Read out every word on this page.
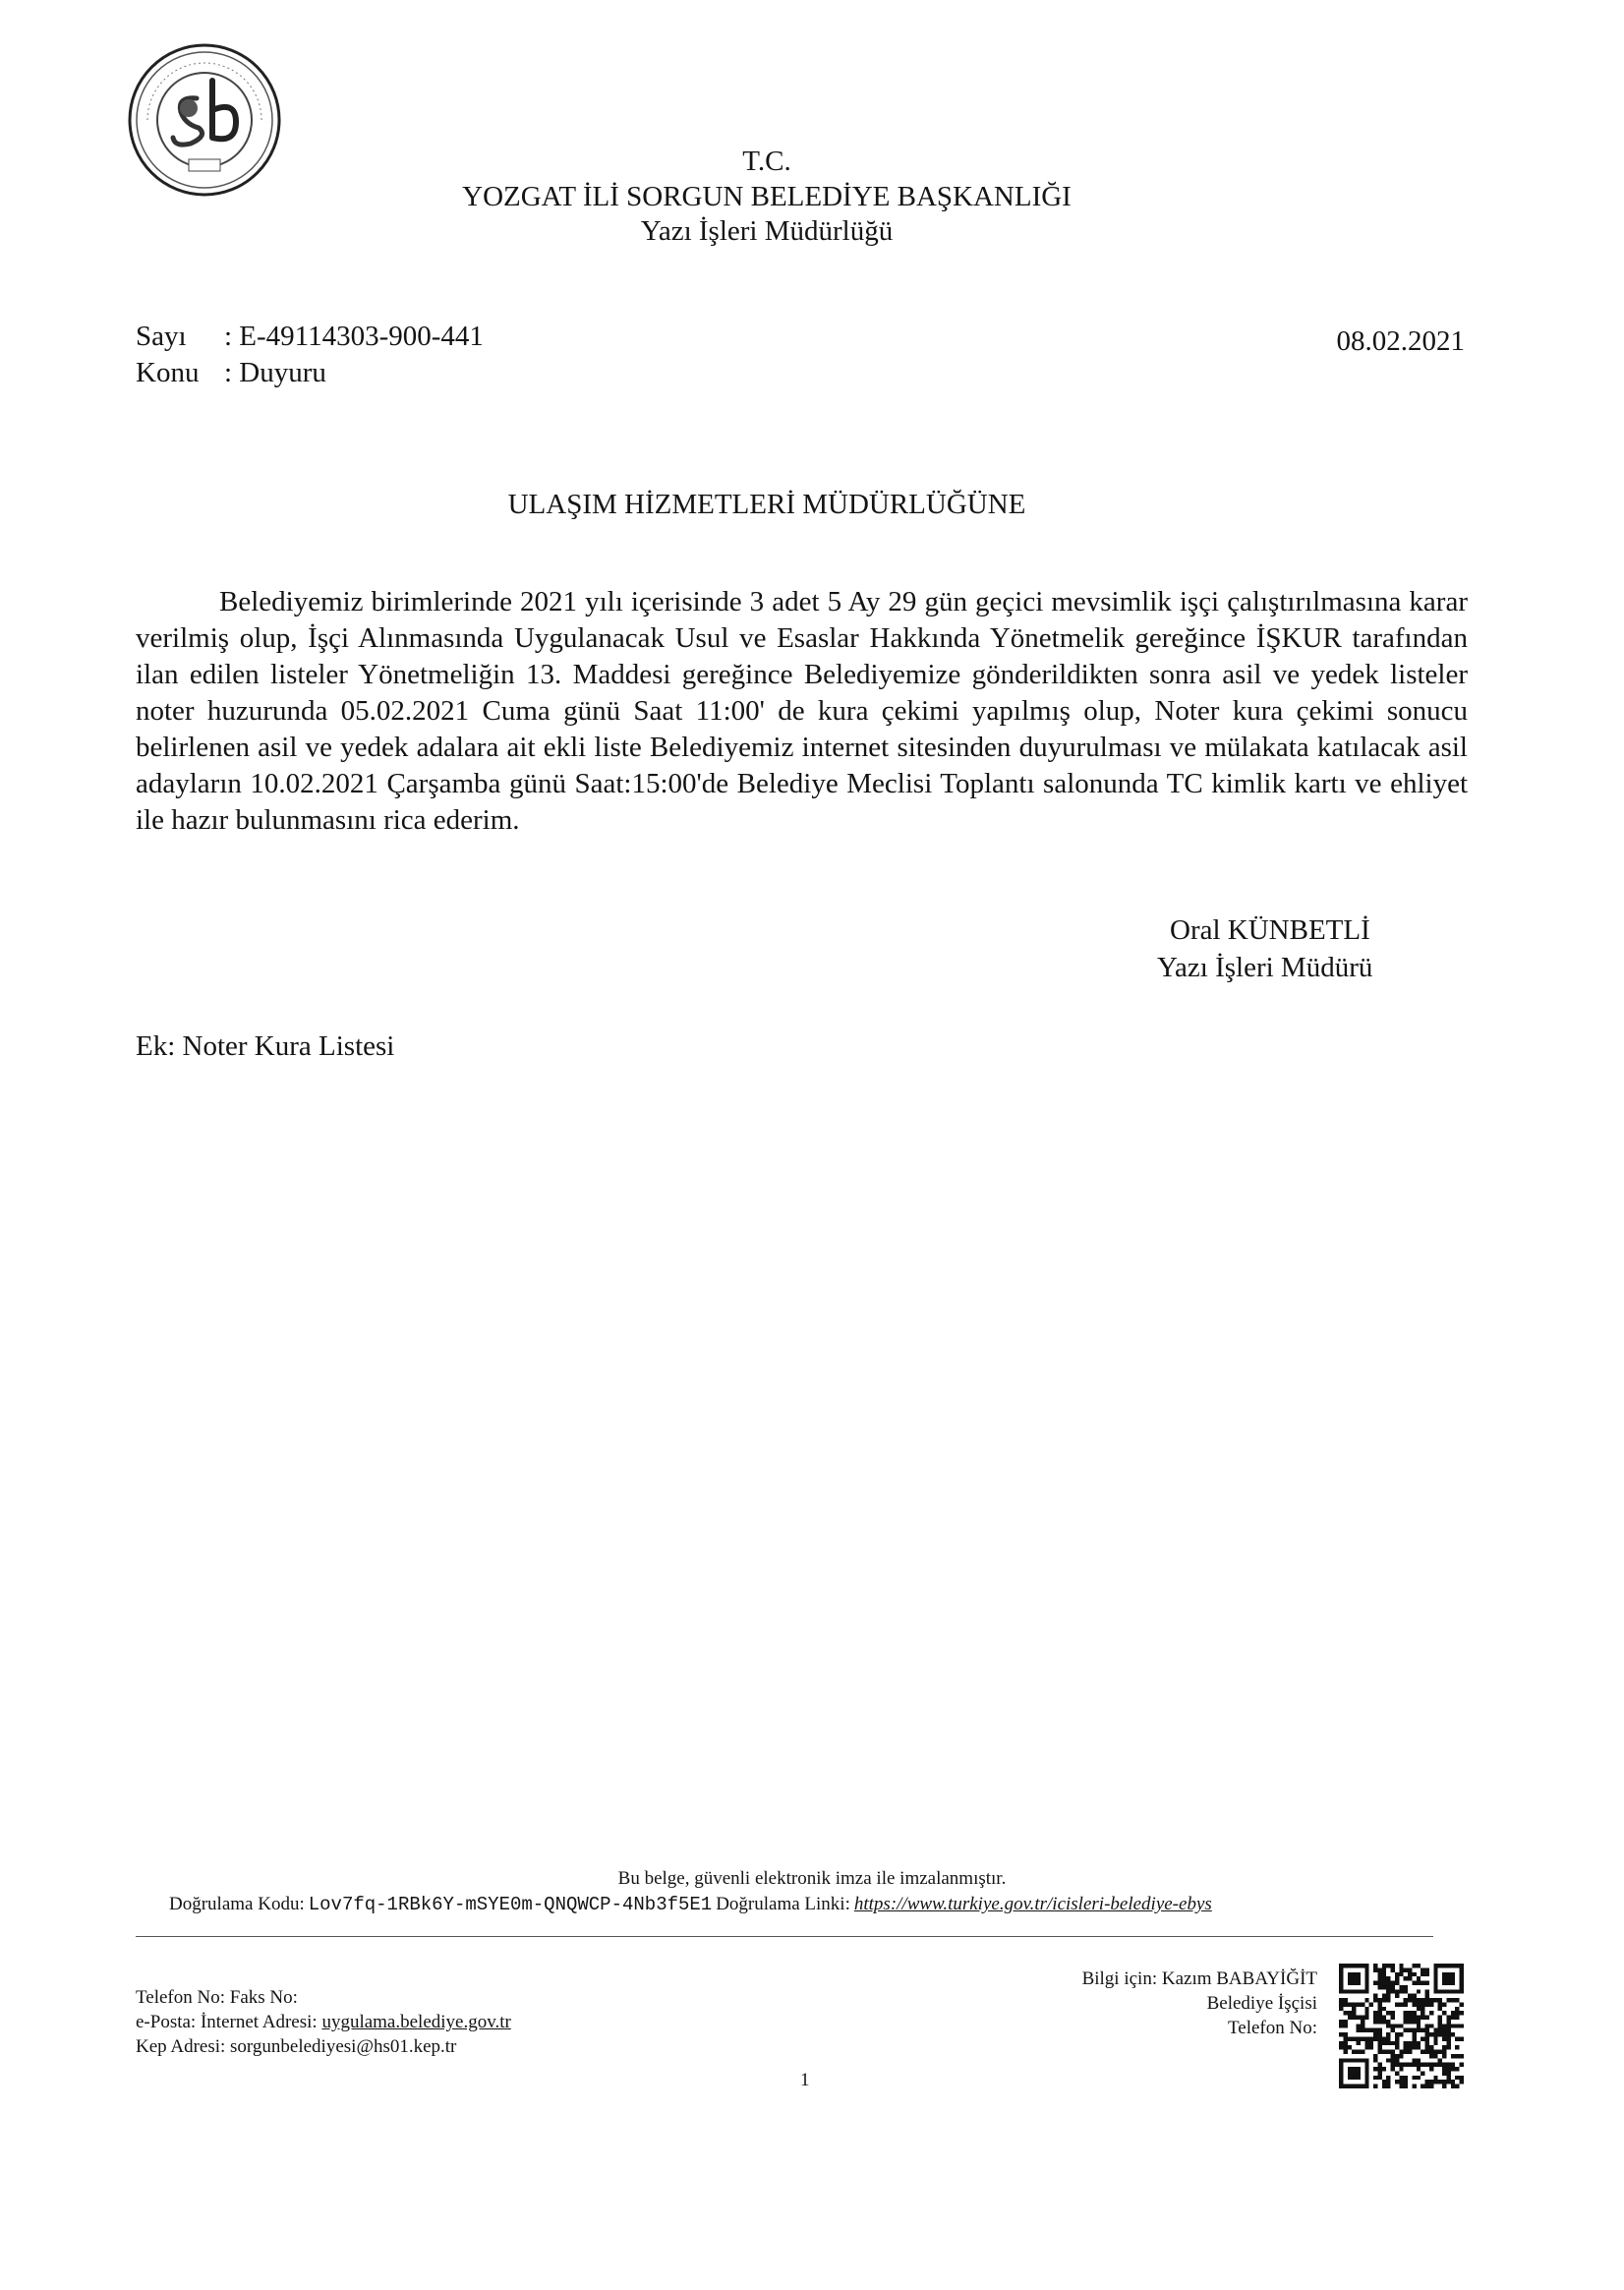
T.C.
YOZGAT İLİ SORGUN BELEDİYE BAŞKANLIĞI
Yazı İşleri Müdürlüğü
Sayı : E-49114303-900-441
Konu : Duyuru
08.02.2021
ULAŞIM HİZMETLERİ MÜDÜRLÜĞÜNE

Belediyemiz birimlerinde 2021 yılı içerisinde 3 adet 5 Ay 29 gün geçici mevsimlik işçi çalıştırılmasına karar verilmiş olup, İşçi Alınmasında Uygulanacak Usul ve Esaslar Hakkında Yönetmelik gereğince İŞKUR tarafından ilan edilen listeler Yönetmeliğin 13. Maddesi gereğince Belediyemize gönderildikten sonra asil ve yedek listeler noter huzurunda 05.02.2021 Cuma günü Saat 11:00' de kura çekimi yapılmış olup, Noter kura çekimi sonucu belirlenen asil ve yedek adalara ait ekli liste Belediyemiz internet sitesinden duyurulması ve mülakata katılacak asil adayların 10.02.2021 Çarşamba günü Saat:15:00'de Belediye Meclisi Toplantı salonunda TC kimlik kartı ve ehliyet ile hazır bulunmasını rica ederim.

Oral KÜNBETLİ
Yazı İşleri Müdürü
Ek: Noter Kura Listesi
Bu belge, güvenli elektronik imza ile imzalanmıştır.
Doğrulama Kodu: Lov7fq-1RBk6Y-mSYE0m-QNQWCP-4Nb3f5E1 Doğrulama Linki: https://www.turkiye.gov.tr/icisleri-belediye-ebys
Telefon No: Faks No:
e-Posta: İnternet Adresi: uygulama.belediye.gov.tr
Kep Adresi: sorgunbelediyesi@hs01.kep.tr
Bilgi için: Kazım BABAYİĞİT
Belediye İşçisi
Telefon No:
1
